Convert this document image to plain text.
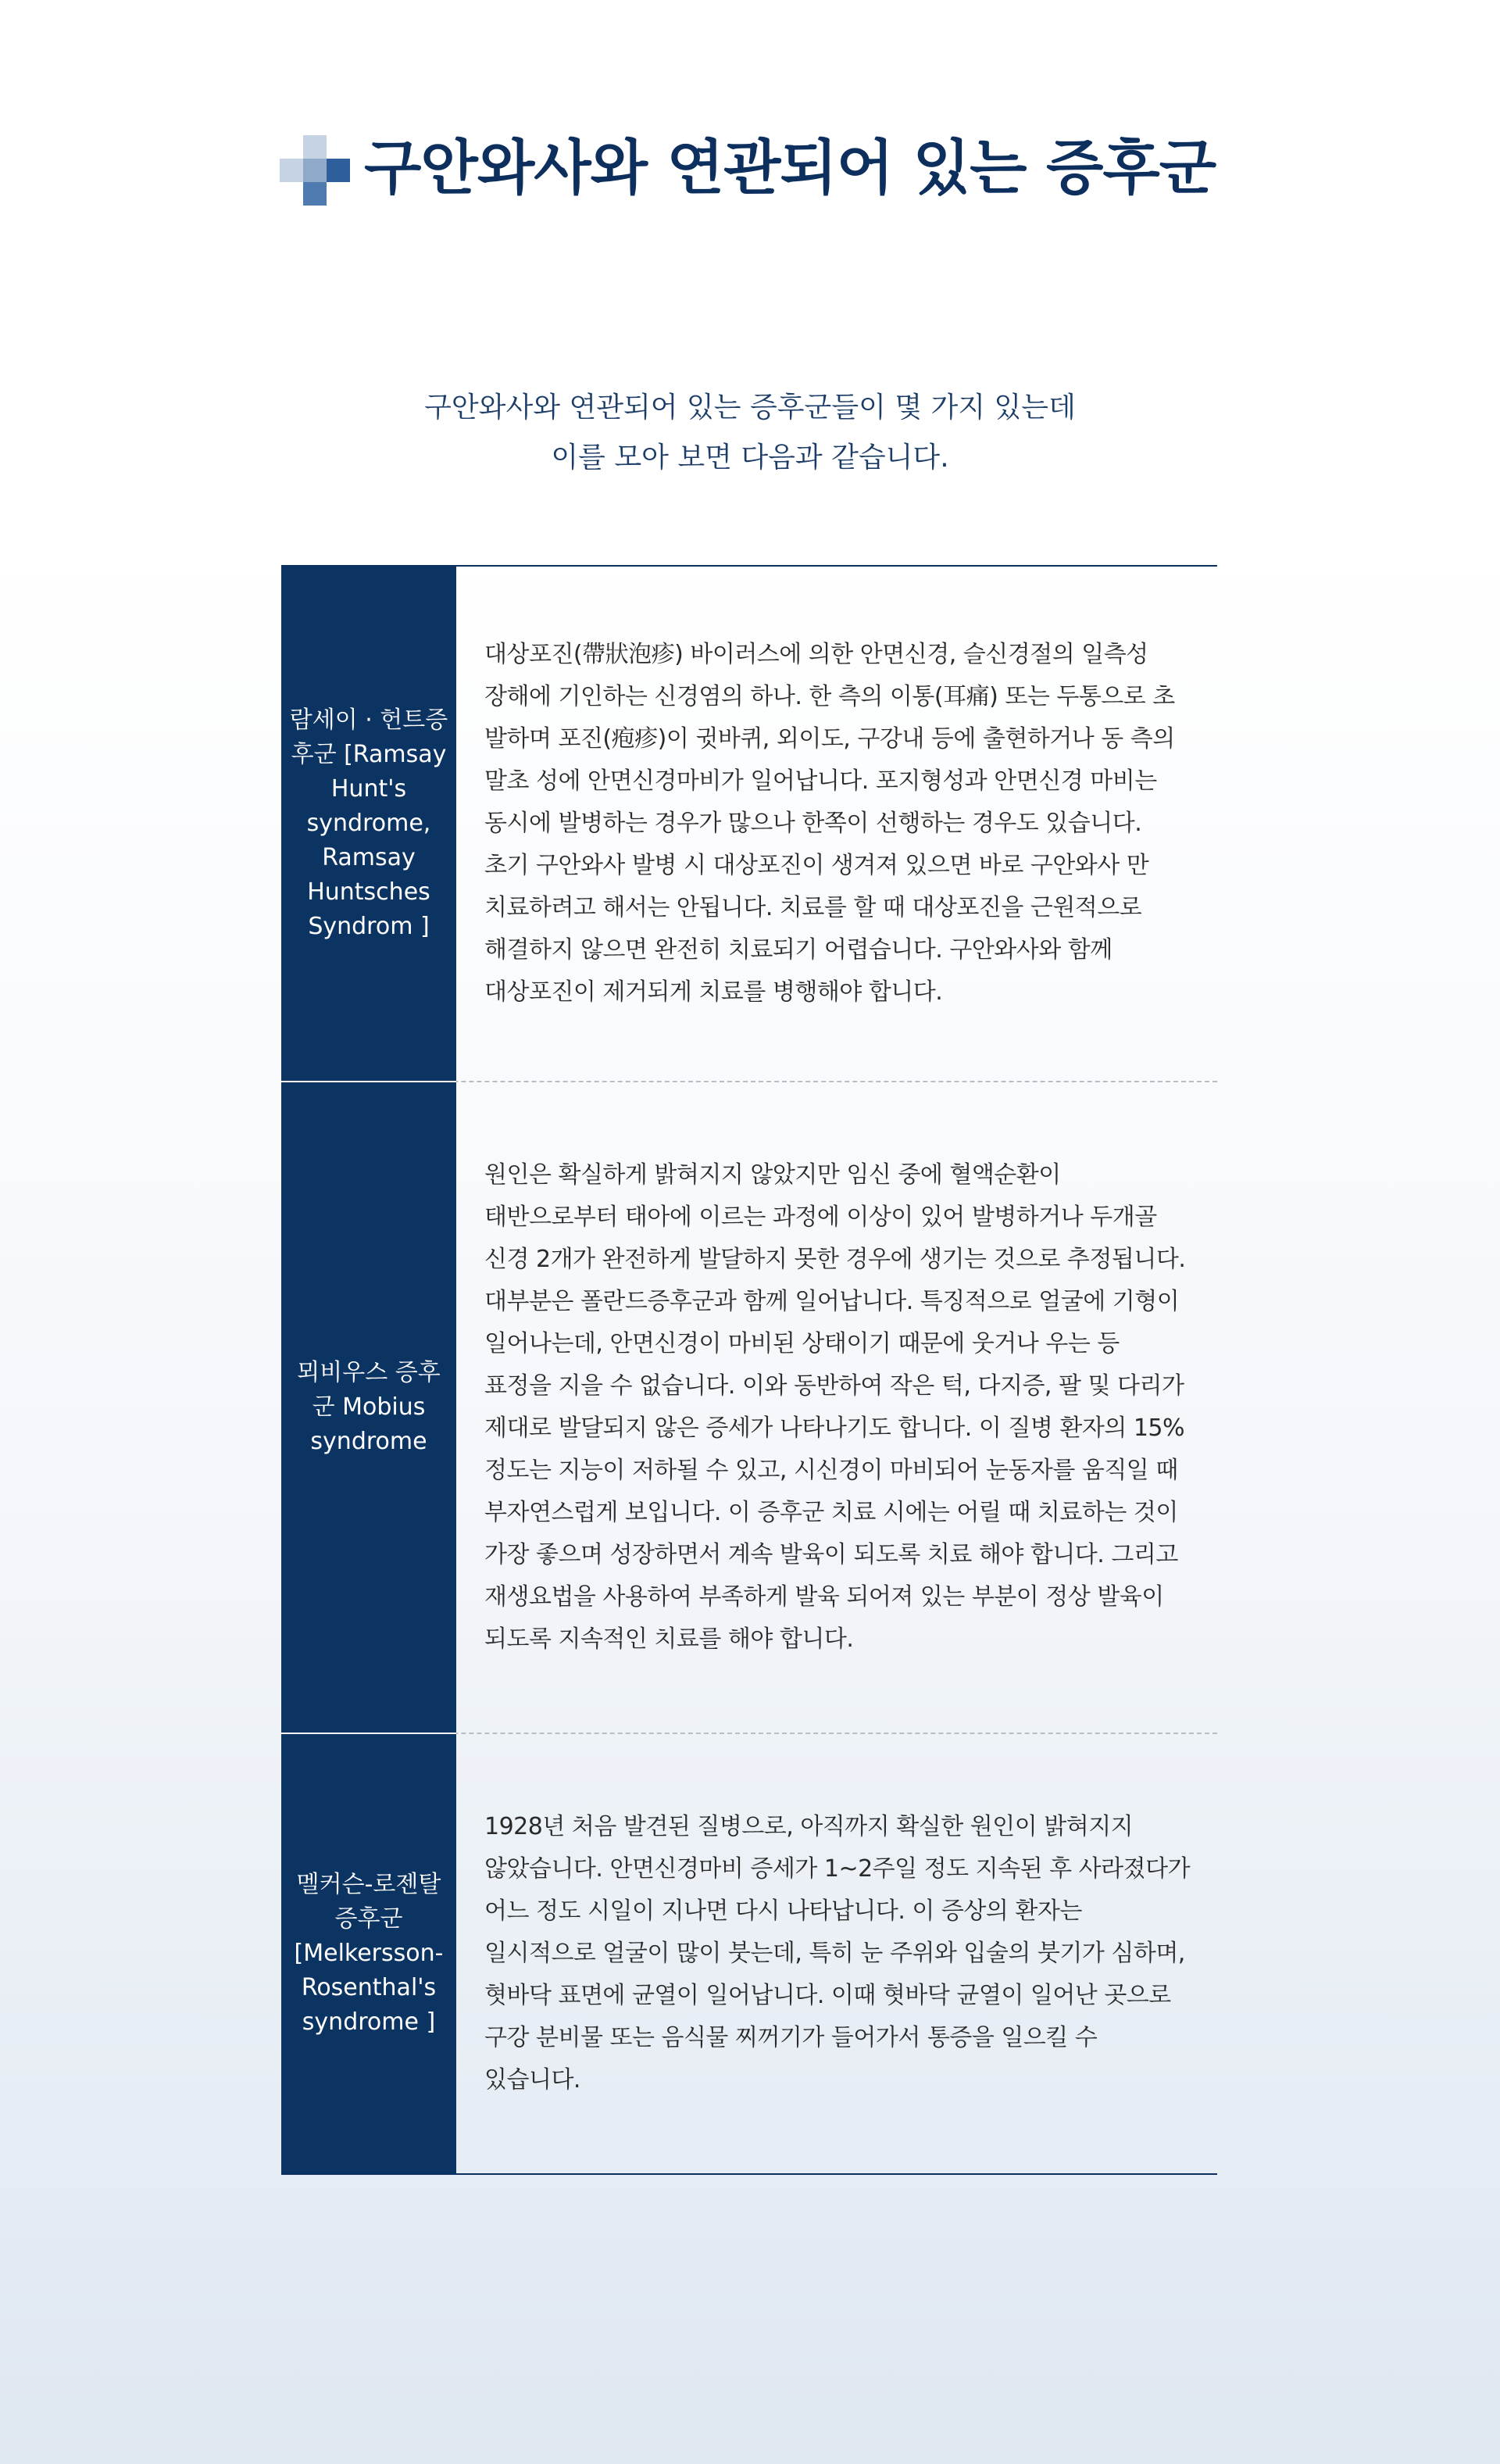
구안와사와 연관되어 있는 증후군

구안와사와 연관되어 있는 증후군들이 몇 가지 있는데

이를 모아 보면 다음과 같습니다.

람세이 · 헌트증후군 [Ramsay Hunt's syndrome, Ramsay Huntsches Syndrom ]

대상포진(帶狀泡疹) 바이러스에 의한 안면신경, 슬신경절의 일측성
장해에 기인하는 신경염의 하나. 한 측의 이통(耳痛) 또는 두통으로 초
발하며 포진(疱疹)이 귓바퀴, 외이도, 구강내 등에 출현하거나 동 측의
말초 성에 안면신경마비가 일어납니다. 포지형성과 안면신경 마비는
동시에 발병하는 경우가 많으나 한쪽이 선행하는 경우도 있습니다.
초기 구안와사 발병 시 대상포진이 생겨져 있으면 바로 구안와사 만
치료하려고 해서는 안됩니다. 치료를 할 때 대상포진을 근원적으로
해결하지 않으면 완전히 치료되기 어렵습니다. 구안와사와 함께
대상포진이 제거되게 치료를 병행해야 합니다.

뫼비우스 증후군 Mobius syndrome

원인은 확실하게 밝혀지지 않았지만 임신 중에 혈액순환이
태반으로부터 태아에 이르는 과정에 이상이 있어 발병하거나 두개골
신경 2개가 완전하게 발달하지 못한 경우에 생기는 것으로 추정됩니다.
대부분은 폴란드증후군과 함께 일어납니다. 특징적으로 얼굴에 기형이
일어나는데, 안면신경이 마비된 상태이기 때문에 웃거나 우는 등
표정을 지을 수 없습니다. 이와 동반하여 작은 턱, 다지증, 팔 및 다리가
제대로 발달되지 않은 증세가 나타나기도 합니다. 이 질병 환자의 15%
정도는 지능이 저하될 수 있고, 시신경이 마비되어 눈동자를 움직일 때
부자연스럽게 보입니다. 이 증후군 치료 시에는 어릴 때 치료하는 것이
가장 좋으며 성장하면서 계속 발육이 되도록 치료 해야 합니다. 그리고
재생요법을 사용하여 부족하게 발육 되어져 있는 부분이 정상 발육이
되도록 지속적인 치료를 해야 합니다.

멜커슨-로젠탈 증후군 [Melkersson-Rosenthal's syndrome ]

1928년 처음 발견된 질병으로, 아직까지 확실한 원인이 밝혀지지
않았습니다. 안면신경마비 증세가 1~2주일 정도 지속된 후 사라졌다가
어느 정도 시일이 지나면 다시 나타납니다. 이 증상의 환자는
일시적으로 얼굴이 많이 붓는데, 특히 눈 주위와 입술의 붓기가 심하며,
혓바닥 표면에 균열이 일어납니다. 이때 혓바닥 균열이 일어난 곳으로
구강 분비물 또는 음식물 찌꺼기가 들어가서 통증을 일으킬 수
있습니다.
